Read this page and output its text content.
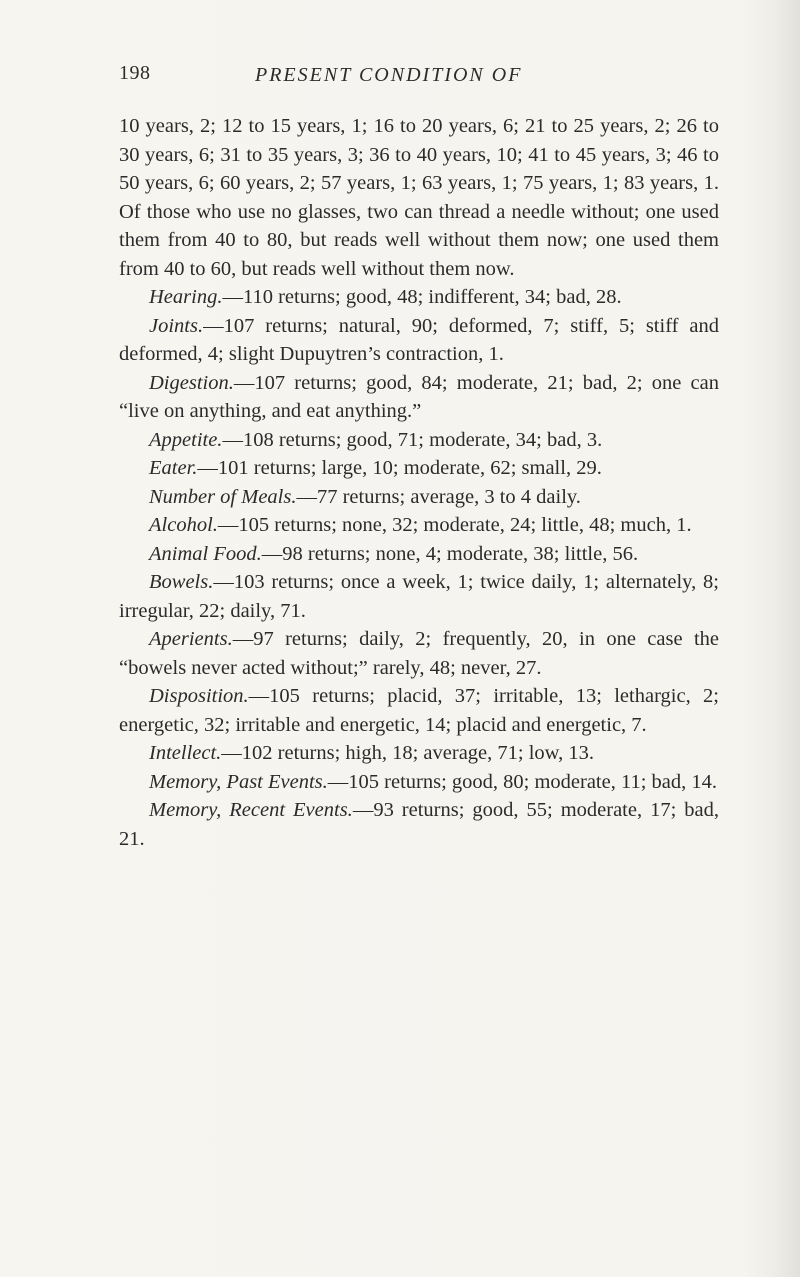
198	PRESENT CONDITION OF

10 years, 2; 12 to 15 years, 1; 16 to 20 years, 6; 21 to 25 years, 2; 26 to 30 years, 6; 31 to 35 years, 3; 36 to 40 years, 10; 41 to 45 years, 3; 46 to 50 years, 6; 60 years, 2; 57 years, 1; 63 years, 1; 75 years, 1; 83 years, 1. Of those who use no glasses, two can thread a needle without; one used them from 40 to 80, but reads well without them now; one used them from 40 to 60, but reads well without them now.

Hearing.—110 returns; good, 48; indifferent, 34; bad, 28.

Joints.—107 returns; natural, 90; deformed, 7; stiff, 5; stiff and deformed, 4; slight Dupuytren’s contraction, 1.

Digestion.—107 returns; good, 84; moderate, 21; bad, 2; one can “live on anything, and eat anything.”

Appetite.—108 returns; good, 71; moderate, 34; bad, 3.

Eater.—101 returns; large, 10; moderate, 62; small, 29.

Number of Meals.—77 returns; average, 3 to 4 daily.

Alcohol.—105 returns; none, 32; moderate, 24; little, 48; much, 1.

Animal Food.—98 returns; none, 4; moderate, 38; little, 56.

Bowels.—103 returns; once a week, 1; twice daily, 1; alternately, 8; irregular, 22; daily, 71.

Aperients.—97 returns; daily, 2; frequently, 20, in one case the “bowels never acted without;” rarely, 48; never, 27.

Disposition.—105 returns; placid, 37; irritable, 13; lethargic, 2; energetic, 32; irritable and energetic, 14; placid and energetic, 7.

Intellect.—102 returns; high, 18; average, 71; low, 13.

Memory, Past Events.—105 returns; good, 80; moderate, 11; bad, 14.

Memory, Recent Events.—93 returns; good, 55; moderate, 17; bad, 21.
